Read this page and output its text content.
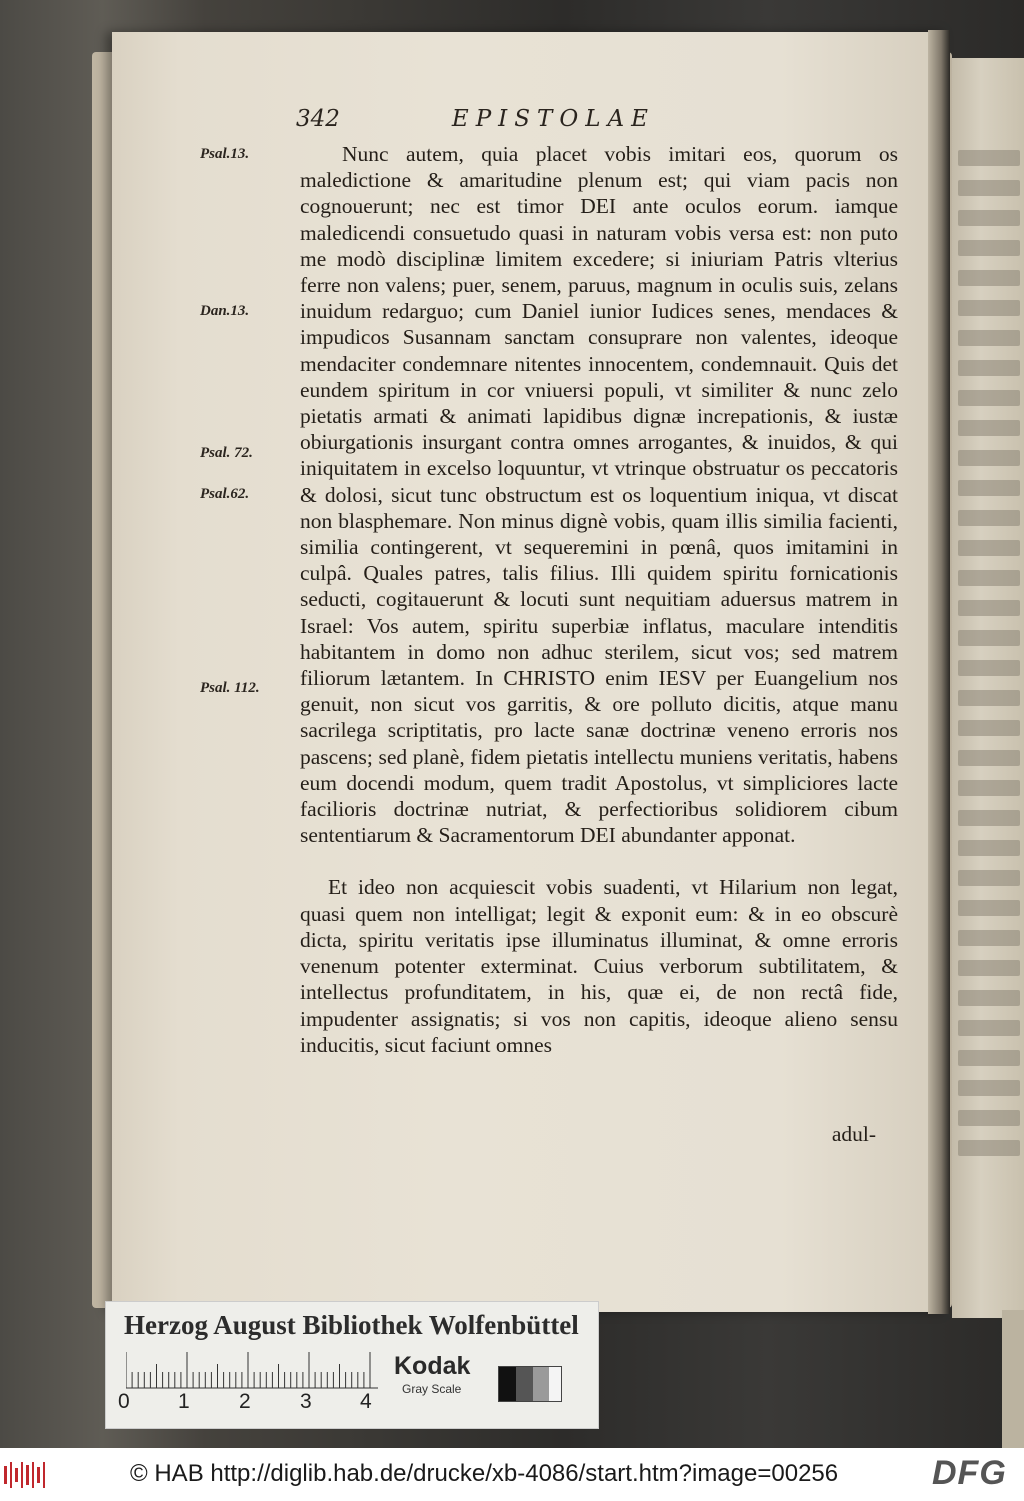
342	EPISTOLAE
Psal.13.
Dan.13.
Psal. 72.
Psal.62.
Psal. 112.

Nunc autem, quia placet vobis imitari eos, quorum os maledictione & amaritudine plenum est; qui viam pacis non cognouerunt; nec est timor DEI ante oculos eorum. iamque maledicendi consuetudo quasi in naturam vobis versa est: non puto me modò disciplinæ limitem excedere; si iniuriam Patris vlterius ferre non valens; puer, senem, paruus, magnum in oculis suis, zelans inuidum redarguo; cum Daniel iunior Iudices senes, mendaces & impudicos Susannam sanctam consuprare non valentes, ideoque mendaciter condemnare nitentes innocentem, condemnauit. Quis det eundem spiritum in cor vniuersi populi, vt similiter & nunc zelo pietatis armati & animati lapidibus dignæ increpationis, & iustæ obiurgationis insurgant contra omnes arrogantes, & inuidos, & qui iniquitatem in excelso loquuntur, vt vtrinque obstruatur os peccatoris & dolosi, sicut tunc obstructum est os loquentium iniqua, vt discat non blasphemare. Non minus dignè vobis, quam illis similia facienti, similia contingerent, vt sequeremini in pœnâ, quos imitamini in culpâ. Quales patres, talis filius. Illi quidem spiritu fornicationis seducti, cogitauerunt & locuti sunt nequitiam aduersus matrem in Israel: Vos autem, spiritu superbiæ inflatus, maculare intenditis habitantem in domo non adhuc sterilem, sicut vos; sed matrem filiorum lætantem. In CHRISTO enim IESV per Euangelium nos genuit, non sicut vos garritis, & ore polluto dicitis, atque manu sacrilega scriptitatis, pro lacte sanæ doctrinæ veneno erroris nos pascens; sed planè, fidem pietatis intellectu muniens veritatis, habens eum docendi modum, quem tradit Apostolus, vt simpliciores lacte facilioris doctrinæ nutriat, & perfectioribus solidiorem cibum sententiarum & Sacramentorum DEI abundanter apponat.

Et ideo non acquiescit vobis suadenti, vt Hilarium non legat, quasi quem non intelligat; legit & exponit eum: & in eo obscurè dicta, spiritu veritatis ipse illuminatus illuminat, & omne erroris venenum potenter exterminat. Cuius verborum subtilitatem, & intellectus profunditatem, in his, quæ ei, de non rectâ fide, impudenter assignatis; si vos non capitis, ideoque alieno sensu inducitis, sicut faciunt omnes

adul-
Herzog August Bibliothek Wolfenbüttel
0 1 2 3 4
Kodak
Gray Scale
© HAB http://diglib.hab.de/drucke/xb-4086/start.htm?image=00256	DFG
